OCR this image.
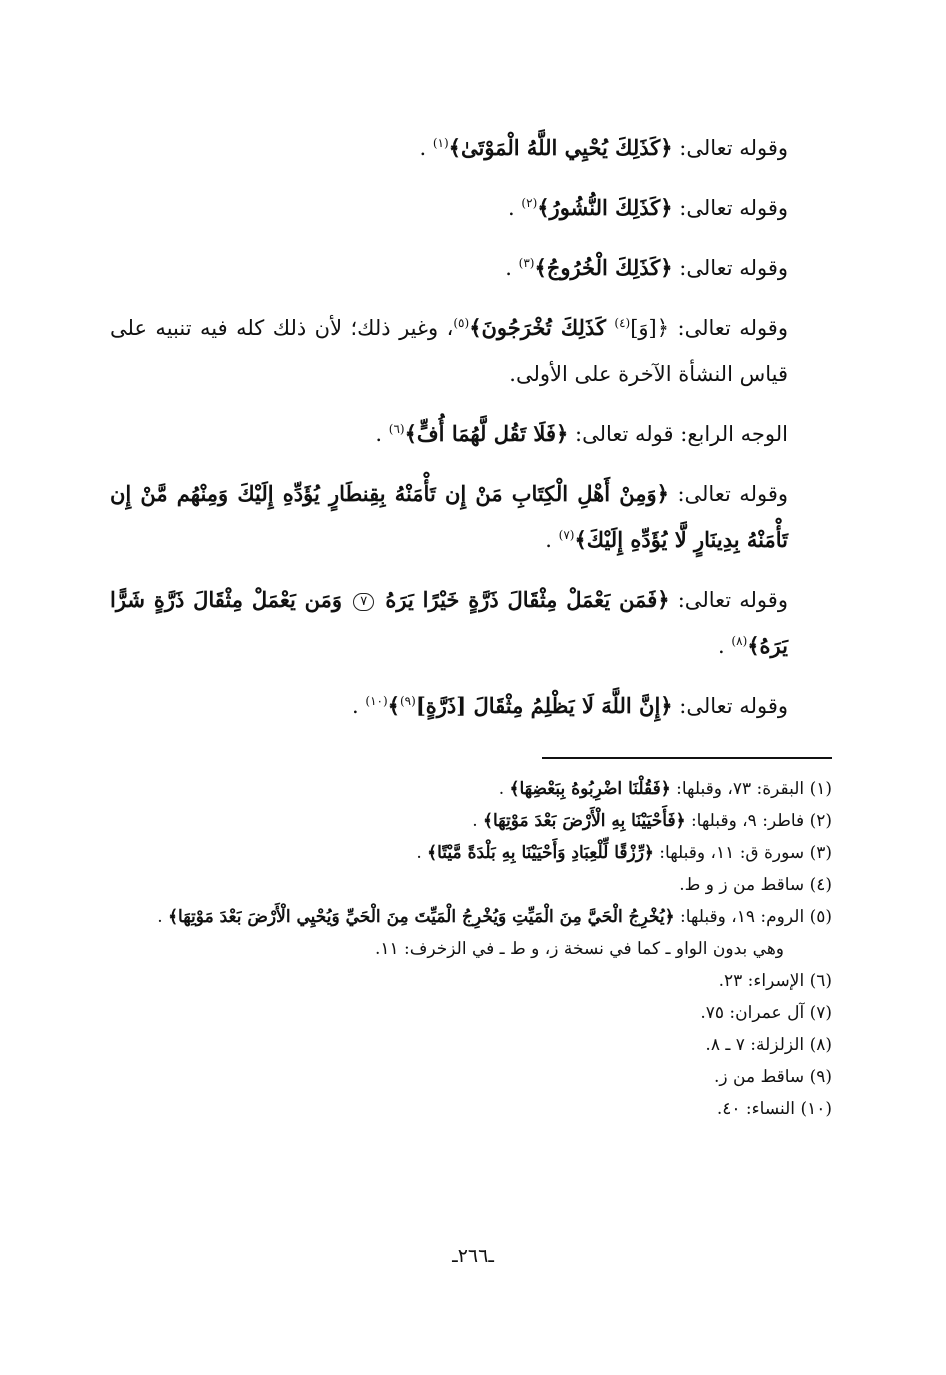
وقوله تعالى: ﴿كَذَلِكَ يُحْيِي اللَّهُ الْمَوْتَىٰ﴾$^{(١)}$ .

وقوله تعالى: ﴿كَذَلِكَ النُّشُورُ﴾$^{(٢)}$ .

وقوله تعالى: ﴿كَذَلِكَ الْخُرُوجُ﴾$^{(٣)}$ .

وقوله تعالى: ﴿[وَ]$^{(٤)}$ كَذَلِكَ تُخْرَجُونَ﴾$^{(٥)}$، وغير ذلك؛ لأن ذلك كله فيه تنبيه على قياس النشأة الآخرة على الأولى.

الوجه الرابع: قوله تعالى: ﴿فَلَا تَقُل لَّهُمَا أُفٍّ﴾$^{(٦)}$ .

وقوله تعالى: ﴿وَمِنْ أَهْلِ الْكِتَابِ مَنْ إِن تَأْمَنْهُ بِقِنطَارٍ يُؤَدِّهِ إِلَيْكَ وَمِنْهُم مَّنْ إِن تَأْمَنْهُ بِدِينَارٍ لَّا يُؤَدِّهِ إِلَيْكَ﴾$^{(٧)}$ .

وقوله تعالى: ﴿فَمَن يَعْمَلْ مِثْقَالَ ذَرَّةٍ خَيْرًا يَرَهُ ٧ وَمَن يَعْمَلْ مِثْقَالَ ذَرَّةٍ شَرًّا يَرَهُ﴾$^{(٨)}$ .

وقوله تعالى: ﴿إِنَّ اللَّهَ لَا يَظْلِمُ مِثْقَالَ [ذَرَّةٍ]$^{(٩)}$﴾$^{(١٠)}$ .

(١) البقرة: ٧٣، وقبلها: ﴿فَقُلْنَا اضْرِبُوهُ بِبَعْضِهَا﴾ .

(٢) فاطر: ٩، وقبلها: ﴿فَأَحْيَيْنَا بِهِ الْأَرْضَ بَعْدَ مَوْتِهَا﴾ .

(٣) سورة ق: ١١، وقبلها: ﴿رِّزْقًا لِّلْعِبَادِ وَأَحْيَيْنَا بِهِ بَلْدَةً مَّيْتًا﴾ .

(٤) ساقط من ز و ط.

(٥) الروم: ١٩، وقبلها: ﴿يُخْرِجُ الْحَيَّ مِنَ الْمَيِّتِ وَيُخْرِجُ الْمَيِّتَ مِنَ الْحَيِّ وَيُحْيِي الْأَرْضَ بَعْدَ مَوْتِهَا﴾ .

وهي بدون الواو ـ كما في نسخة ز، و ط ـ في الزخرف: ١١.

(٦) الإسراء: ٢٣.

(٧) آل عمران: ٧٥.

(٨) الزلزلة: ٧ ـ ٨.

(٩) ساقط من ز.

(١٠) النساء: ٤٠.

ـ٢٦٦ـ
